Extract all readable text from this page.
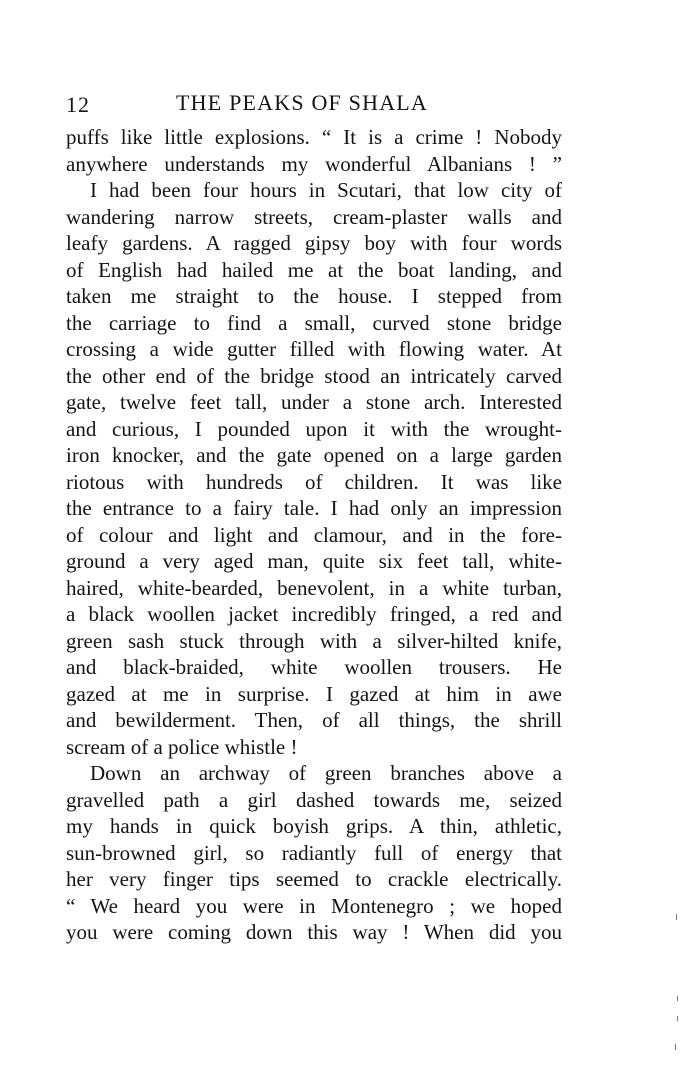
12	THE PEAKS OF SHALA
puffs like little explosions. “ It is a crime ! Nobody
anywhere understands my wonderful Albanians ! ”
I had been four hours in Scutari, that low city of
wandering narrow streets, cream-plaster walls and
leafy gardens. A ragged gipsy boy with four words
of English had hailed me at the boat landing, and
taken me straight to the house. I stepped from
the carriage to find a small, curved stone bridge
crossing a wide gutter filled with flowing water. At
the other end of the bridge stood an intricately carved
gate, twelve feet tall, under a stone arch. Interested
and curious, I pounded upon it with the wrought-
iron knocker, and the gate opened on a large garden
riotous with hundreds of children. It was like
the entrance to a fairy tale. I had only an impression
of colour and light and clamour, and in the fore-
ground a very aged man, quite six feet tall, white-
haired, white-bearded, benevolent, in a white turban,
a black woollen jacket incredibly fringed, a red and
green sash stuck through with a silver-hilted knife,
and black-braided, white woollen trousers. He
gazed at me in surprise. I gazed at him in awe
and bewilderment. Then, of all things, the shrill
scream of a police whistle !
Down an archway of green branches above a
gravelled path a girl dashed towards me, seized
my hands in quick boyish grips. A thin, athletic,
sun-browned girl, so radiantly full of energy that
her very finger tips seemed to crackle electrically.
“ We heard you were in Montenegro ; we hoped
you were coming down this way ! When did you
